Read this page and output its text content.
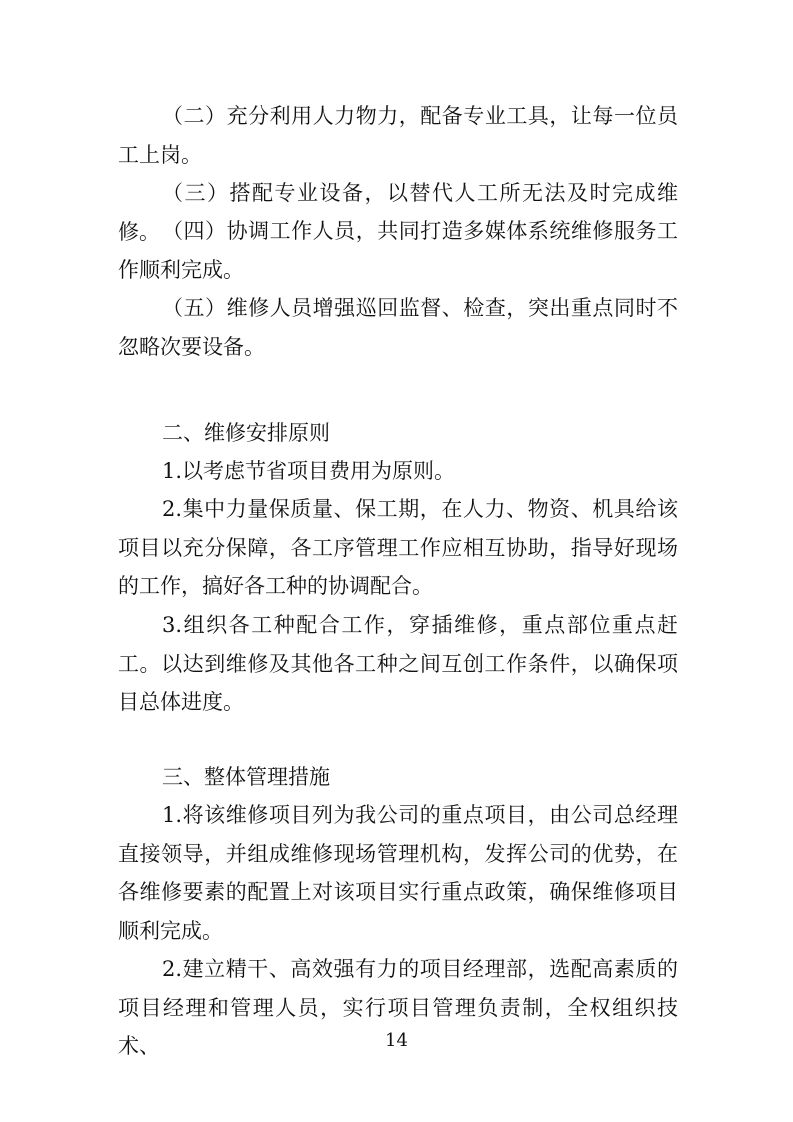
（二）充分利用人力物力，配备专业工具，让每一位员工上岗。

（三）搭配专业设备，以替代人工所无法及时完成维修。 （四）协调工作人员，共同打造多媒体系统维修服务工作顺利完成。

（五）维修人员增强巡回监督、检查，突出重点同时不忽略次要设备。

二、维修安排原则

1.以考虑节省项目费用为原则。

2.集中力量保质量、保工期，在人力、物资、机具给该项目以充分保障，各工序管理工作应相互协助，指导好现场的工作，搞好各工种的协调配合。

3.组织各工种配合工作，穿插维修，重点部位重点赶工。以达到维修及其他各工种之间互创工作条件，以确保项目总体进度。

三、整体管理措施

1.将该维修项目列为我公司的重点项目，由公司总经理直接领导，并组成维修现场管理机构，发挥公司的优势，在各维修要素的配置上对该项目实行重点政策，确保维修项目顺利完成。

2.建立精干、高效强有力的项目经理部，选配高素质的项目经理和管理人员，实行项目管理负责制，全权组织技术、	14
